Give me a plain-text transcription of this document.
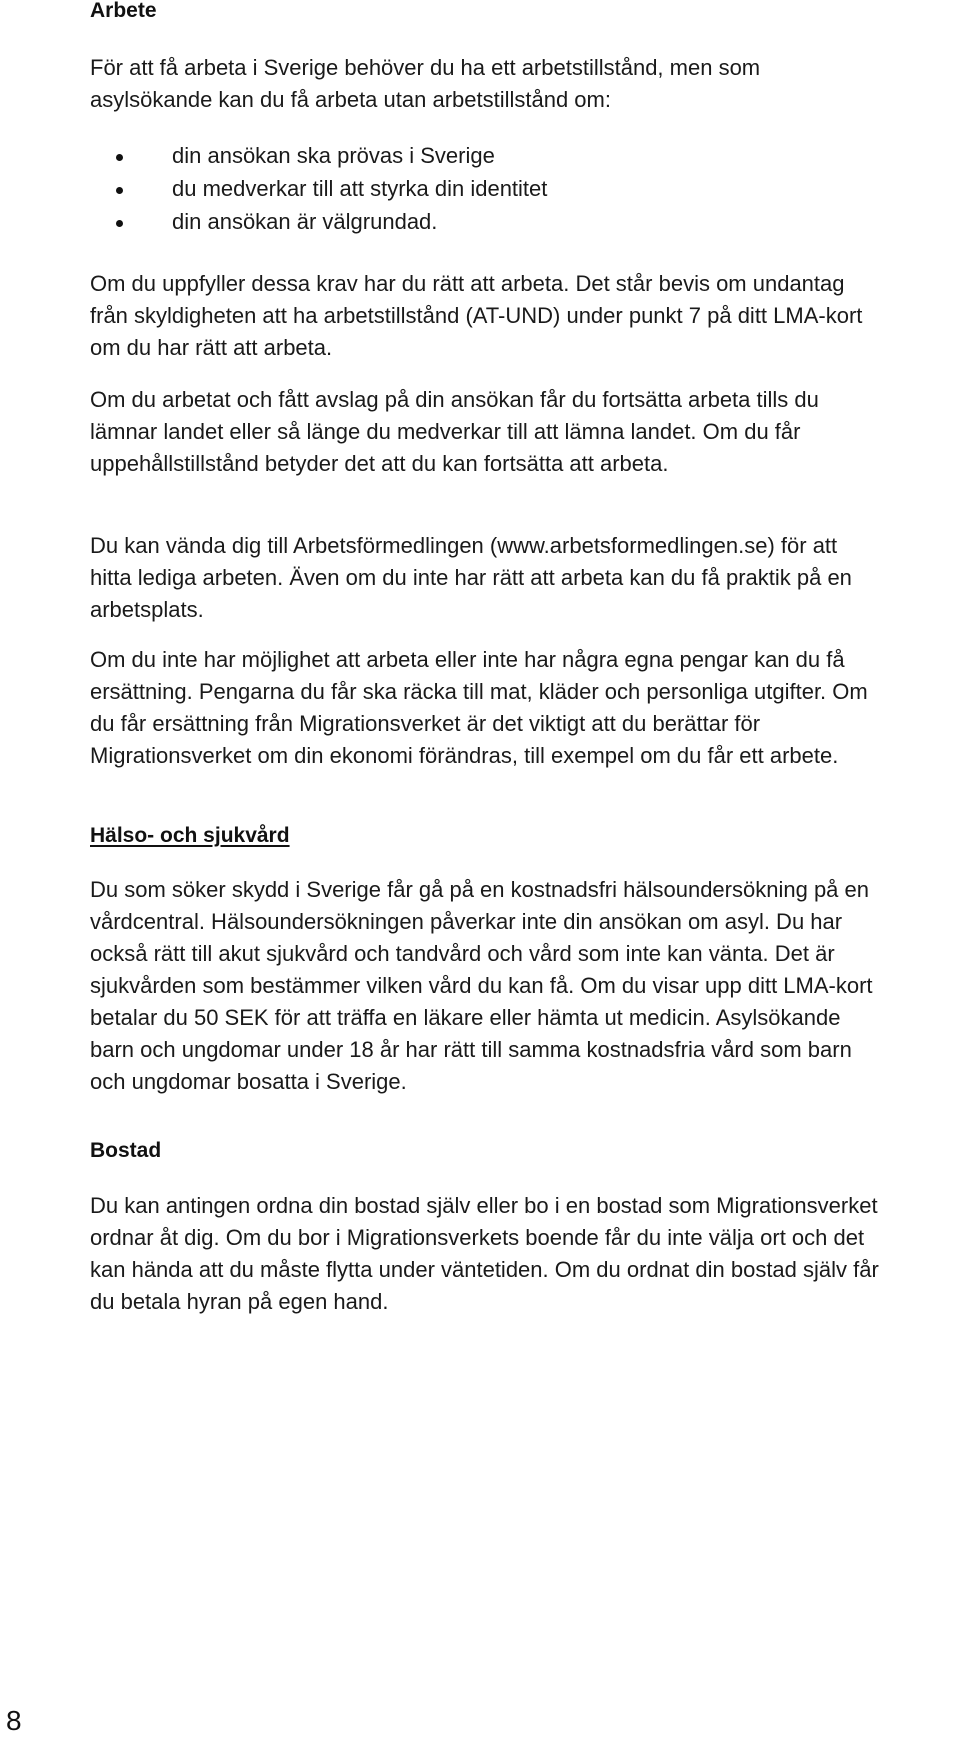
Arbete

För att få arbeta i Sverige behöver du ha ett arbetstillstånd, men som asylsökande kan du få arbeta utan arbetstillstånd om:

din ansökan ska prövas i Sverige
du medverkar till att styrka din identitet
din ansökan är välgrundad.

Om du uppfyller dessa krav har du rätt att arbeta. Det står bevis om undantag från skyldigheten att ha arbetstillstånd (AT-UND) under punkt 7 på ditt LMA-kort om du har rätt att arbeta.

Om du arbetat och fått avslag på din ansökan får du fortsätta arbeta tills du lämnar landet eller så länge du medverkar till att lämna landet. Om du får uppehållstillstånd betyder det att du kan fortsätta att arbeta.

Du kan vända dig till Arbetsförmedlingen (www.arbetsformedlingen.se) för att hitta lediga arbeten. Även om du inte har rätt att arbeta kan du få praktik på en arbetsplats.

Om du inte har möjlighet att arbeta eller inte har några egna pengar kan du få ersättning. Pengarna du får ska räcka till mat, kläder och personliga utgifter. Om du får ersättning från Migrationsverket är det viktigt att du berättar för Migrationsverket om din ekonomi förändras, till exempel om du får ett arbete.

Hälso- och sjukvård

Du som söker skydd i Sverige får gå på en kostnadsfri hälsoundersökning på en vårdcentral. Hälsoundersökningen påverkar inte din ansökan om asyl. Du har också rätt till akut sjukvård och tandvård och vård som inte kan vänta. Det är sjukvården som bestämmer vilken vård du kan få. Om du visar upp ditt LMA-kort betalar du 50 SEK för att träffa en läkare eller hämta ut medicin. Asylsökande barn och ungdomar under 18 år har rätt till samma kostnadsfria vård som barn och ungdomar bosatta i Sverige.

Bostad

Du kan antingen ordna din bostad själv eller bo i en bostad som Migrationsverket ordnar åt dig. Om du bor i Migrationsverkets boende får du inte välja ort och det kan hända att du måste flytta under väntetiden. Om du ordnat din bostad själv får du betala hyran på egen hand.

8
